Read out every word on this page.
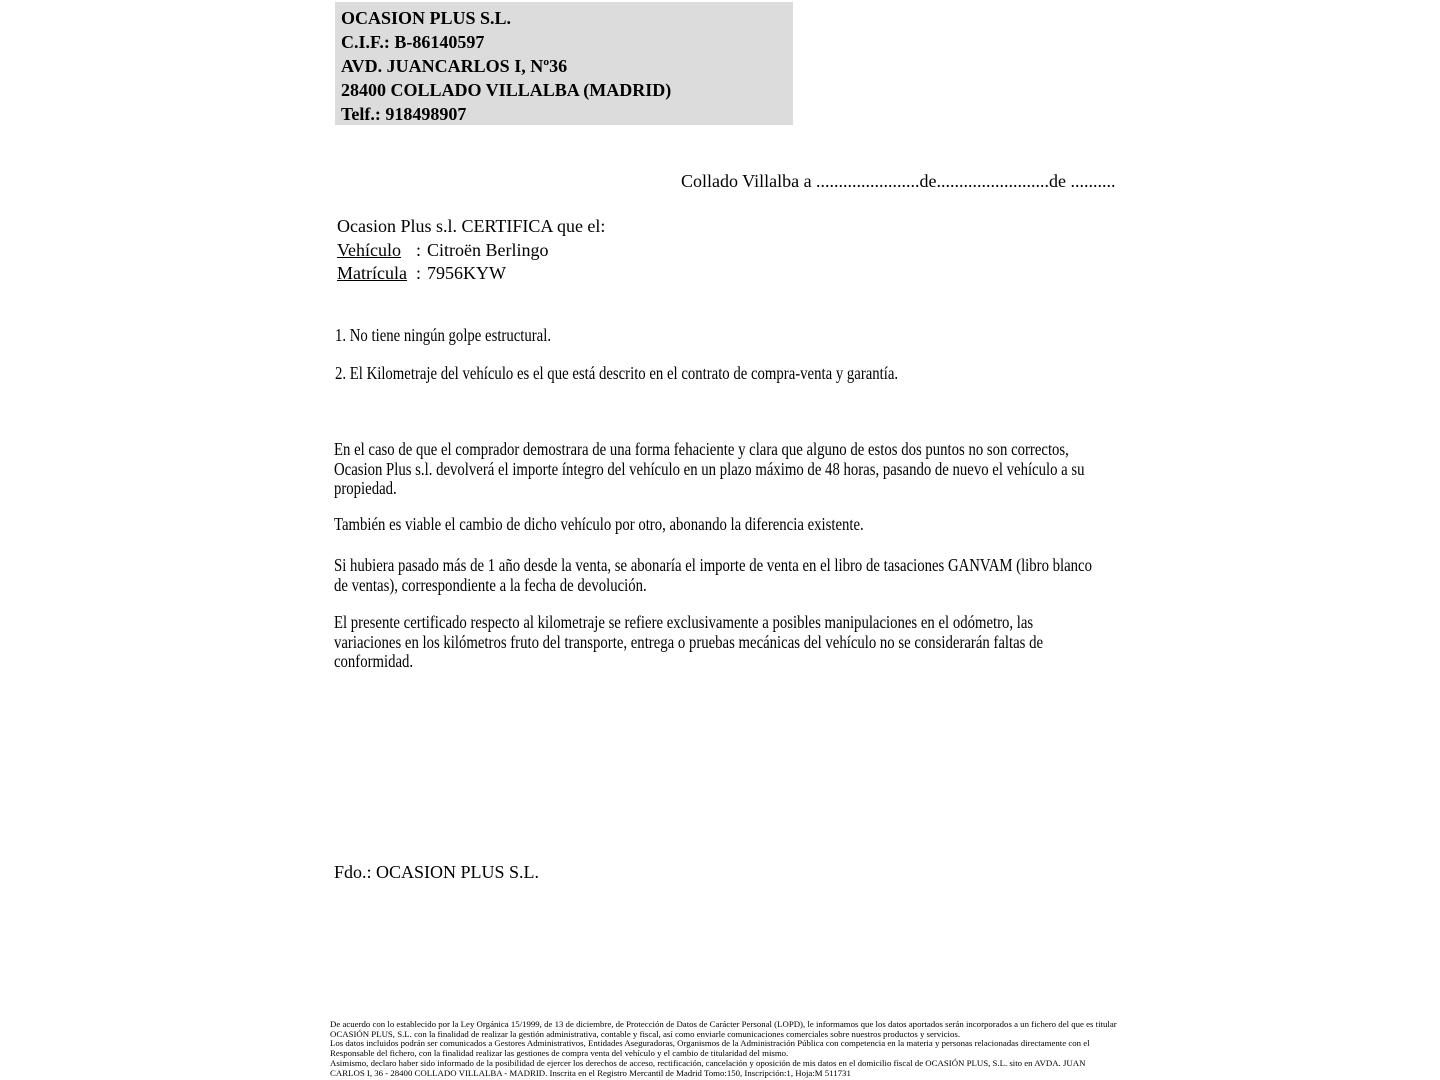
OCASION PLUS S.L.
C.I.F.: B-86140597
AVD. JUANCARLOS I, Nº36
28400 COLLADO VILLALBA (MADRID)
Telf.: 918498907
Collado Villalba a .......................de.........................de ..........
Ocasion Plus s.l. CERTIFICA que el:
Vehículo : Citroën Berlingo
Matrícula : 7956KYW
1. No tiene ningún golpe estructural.
2. El Kilometraje del vehículo es el que está descrito en el contrato de compra-venta y garantía.
En el caso de que el comprador demostrara de una forma fehaciente y clara que alguno de estos dos puntos no son correctos, Ocasion Plus s.l. devolverá el importe íntegro del vehículo en un plazo máximo de 48 horas, pasando de nuevo el vehículo a su propiedad.
También es viable el cambio de dicho vehículo por otro, abonando la diferencia existente.
Si hubiera pasado más de 1 año desde la venta, se abonaría el importe de venta en el libro de tasaciones GANVAM (libro blanco de ventas), correspondiente a la fecha de devolución.
El presente certificado respecto al kilometraje se refiere exclusivamente a posibles manipulaciones en el odómetro, las variaciones en los kilómetros fruto del transporte, entrega o pruebas mecánicas del vehículo no se considerarán faltas de conformidad.
Fdo.: OCASION PLUS S.L.
De acuerdo con lo establecido por la Ley Orgánica 15/1999, de 13 de diciembre, de Protección de Datos de Carácter Personal (LOPD), le informamos que los datos aportados serán incorporados a un fichero del que es titular
OCASIÓN PLUS, S.L. con la finalidad de realizar la gestión administrativa, contable y fiscal, así como enviarle comunicaciones comerciales sobre nuestros productos y servicios.
Los datos incluidos podrán ser comunicados a Gestores Administrativos, Entidades Aseguradoras, Organismos de la Administración Pública con competencia en la materia y personas relacionadas directamente con el
Responsable del fichero, con la finalidad realizar las gestiones de compra venta del vehículo y el cambio de titularidad del mismo.
Asimismo, declaro haber sido informado de la posibilidad de ejercer los derechos de acceso, rectificación, cancelación y oposición de mis datos en el domicilio fiscal de OCASIÓN PLUS, S.L. sito en AVDA. JUAN
CARLOS I, 36 - 28400 COLLADO VILLALBA - MADRID. Inscrita en el Registro Mercantil de Madrid Tomo:150, Inscripción:1, Hoja:M 511731
